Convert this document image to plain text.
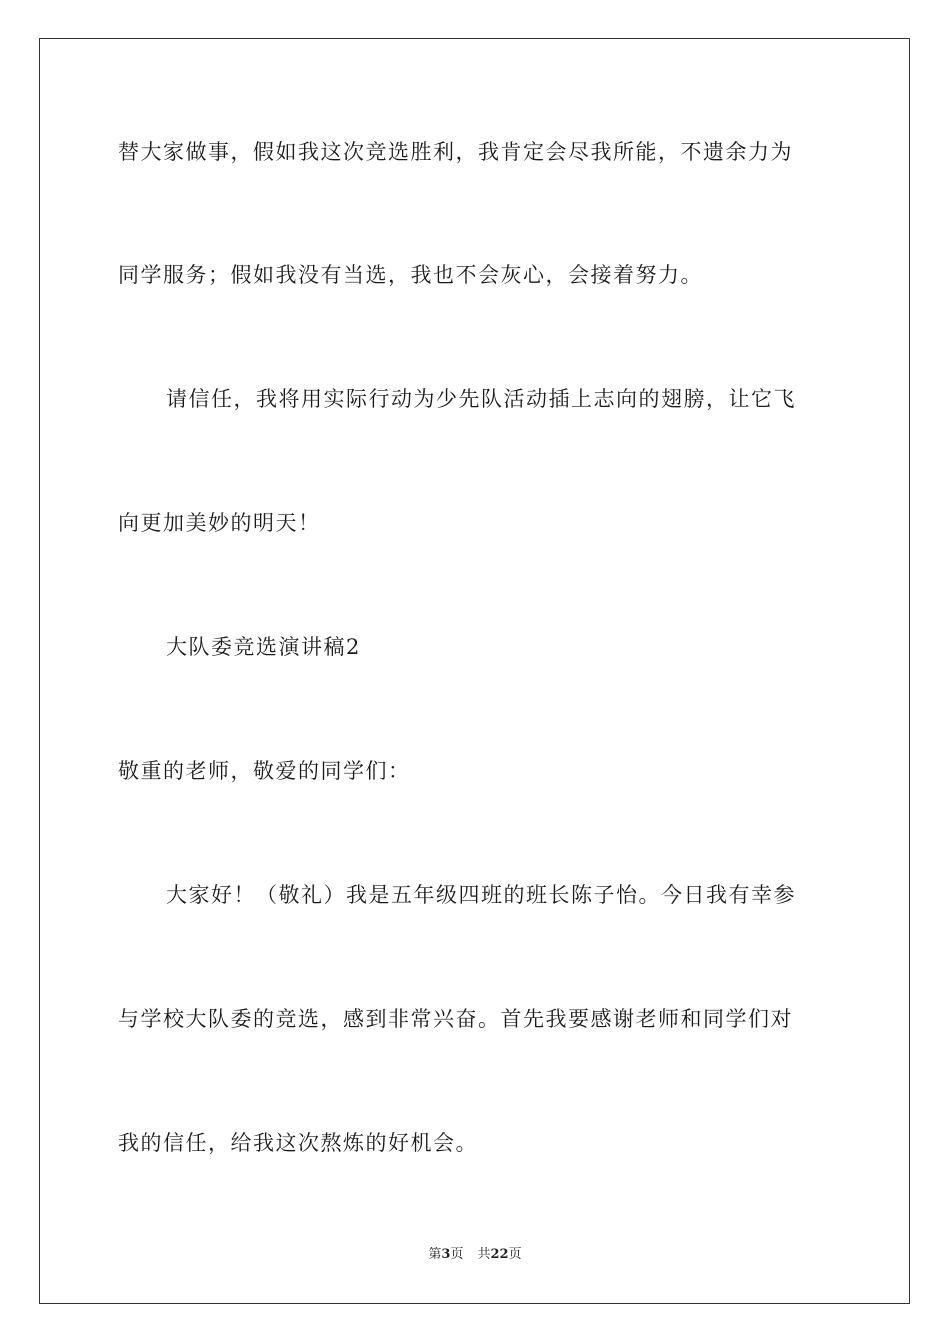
替大家做事，假如我这次竞选胜利，我肯定会尽我所能，不遗余力为
同学服务；假如我没有当选，我也不会灰心，会接着努力。
请信任，我将用实际行动为少先队活动插上志向的翅膀，让它飞
向更加美妙的明天！
大队委竞选演讲稿2
敬重的老师，敬爱的同学们：
大家好！（敬礼）我是五年级四班的班长陈子怡。今日我有幸参
与学校大队委的竞选，感到非常兴奋。首先我要感谢老师和同学们对
我的信任，给我这次熬炼的好机会。
第3页 共22页
